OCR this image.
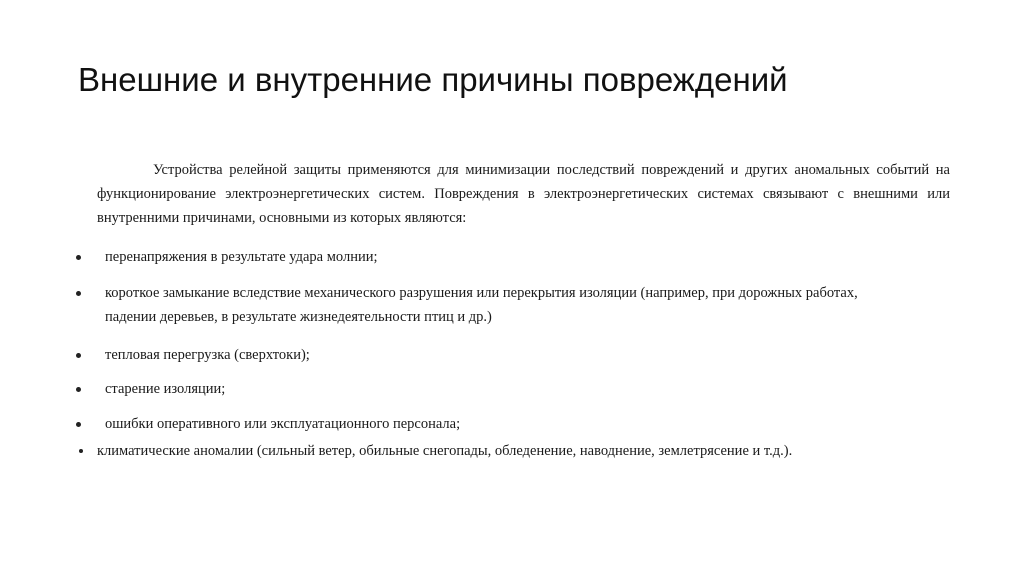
Внешние и внутренние причины повреждений

Устройства релейной защиты применяются для минимизации последствий повреждений и других аномальных событий на функционирование электроэнергетических систем. Повреждения в электроэнергетических системах связывают с внешними или внутренними причинами, основными из которых являются:

перенапряжения в результате удара молнии;
короткое замыкание вследствие механического разрушения или перекрытия изоляции (например, при дорожных работах,
падении деревьев, в результате жизнедеятельности птиц и др.)
тепловая перегрузка (сверхтоки);
старение изоляции;
ошибки оперативного или эксплуатационного персонала;
климатические аномалии (сильный ветер, обильные снегопады, обледенение, наводнение, землетрясение и т.д.).
